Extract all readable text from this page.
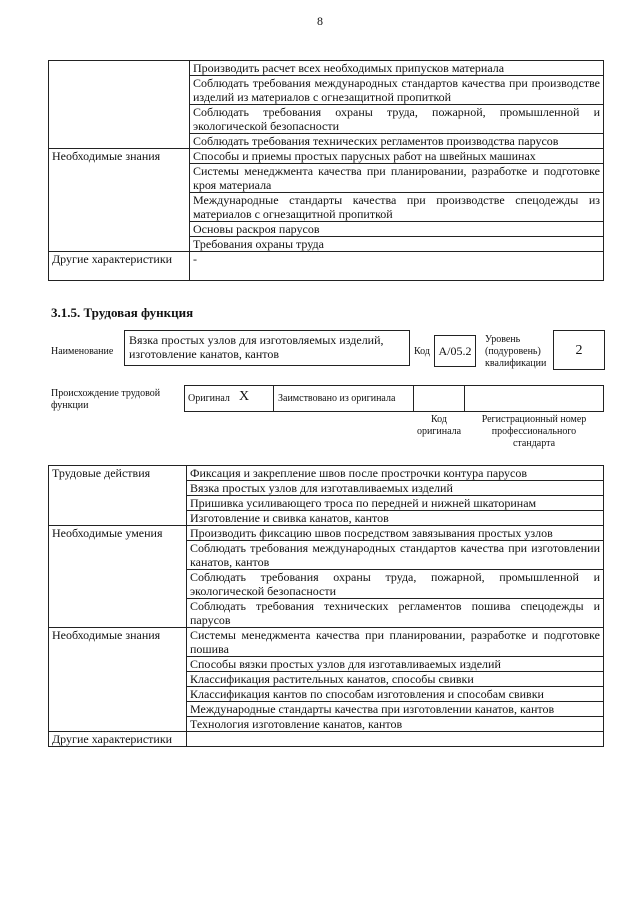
8
	Производить расчет всех необходимых припусков материала
	Соблюдать требования международных стандартов качества при производстве изделий из материалов с огнезащитной пропиткой
	Соблюдать требования охраны труда, пожарной, промышленной и экологической безопасности
	Соблюдать требования технических регламентов производства парусов
Необходимые знания	Способы и приемы простых парусных работ на швейных машинах
	Системы менеджмента качества при планировании, разработке и подготовке кроя материала
	Международные стандарты качества при производстве спецодежды из материалов с огнезащитной пропиткой
	Основы раскроя парусов
	Требования охраны труда
Другие характеристики	-
3.1.5. Трудовая функция
Наименование
Вязка простых узлов для изготовляемых изделий, изготовление канатов, кантов	Код A/05.2
Уровень (подуровень) квалификации
2
Происхождение трудовой функции
Оригинал X	Заимствовано из оригинала
Код оригинала
Регистрационный номер профессионального стандарта
Трудовые действия	Фиксация и закрепление швов после прострочки контура парусов
	Вязка простых узлов для изготавливаемых изделий
	Пришивка усиливающего троса по передней и нижней шкаторинам
	Изготовление и свивка канатов, кантов
Необходимые умения	Производить фиксацию швов посредством завязывания простых узлов
	Соблюдать требования международных стандартов качества при изготовлении канатов, кантов
	Соблюдать требования охраны труда, пожарной, промышленной и экологической безопасности
	Соблюдать требования технических регламентов пошива спецодежды и парусов
Необходимые знания	Системы менеджмента качества при планировании, разработке и подготовке пошива
	Способы вязки простых узлов для изготавливаемых изделий
	Классификация растительных канатов, способы свивки
	Классификация кантов по способам изготовления и способам свивки
	Международные стандарты качества при изготовлении канатов, кантов
	Технология изготовление канатов, кантов
Другие характеристики	
